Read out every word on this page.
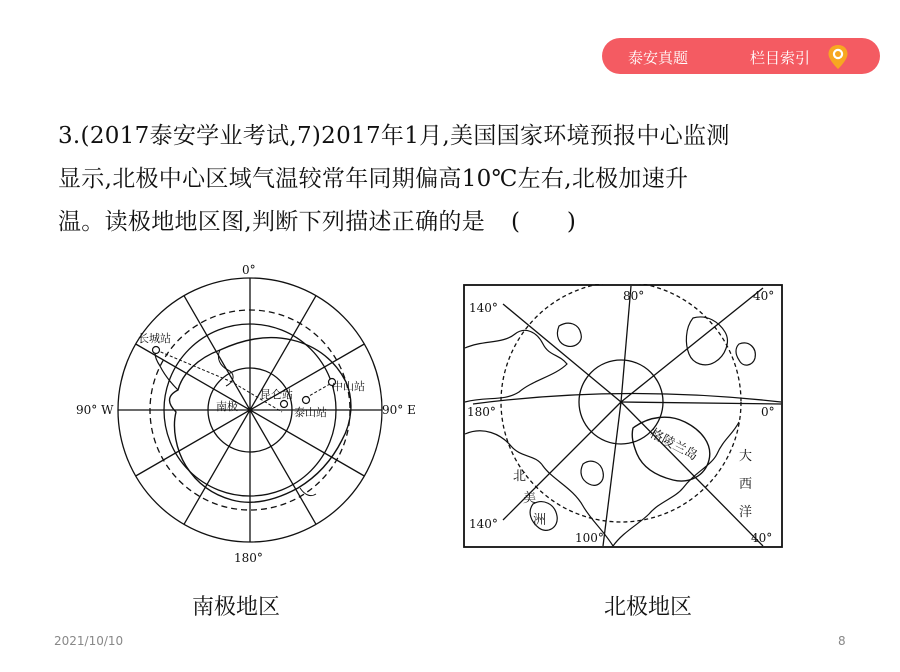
泰安真题	栏目索引
3.(2017泰安学业考试,7)2017年1月,美国国家环境预报中心监测
显示,北极中心区域气温较常年同期偏高10℃左右,北极加速升
温。读极地地区图,判断下列描述正确的是 (　　)
0°
180°
90° W	90° E
长城站
中山站
昆仑站
泰山站
南极
140°
80°	40°
180°	0°
140°
100°	40°
格陵兰岛	大
西
洋
北
美
洲
南极地区	北极地区
2021/10/10	8
